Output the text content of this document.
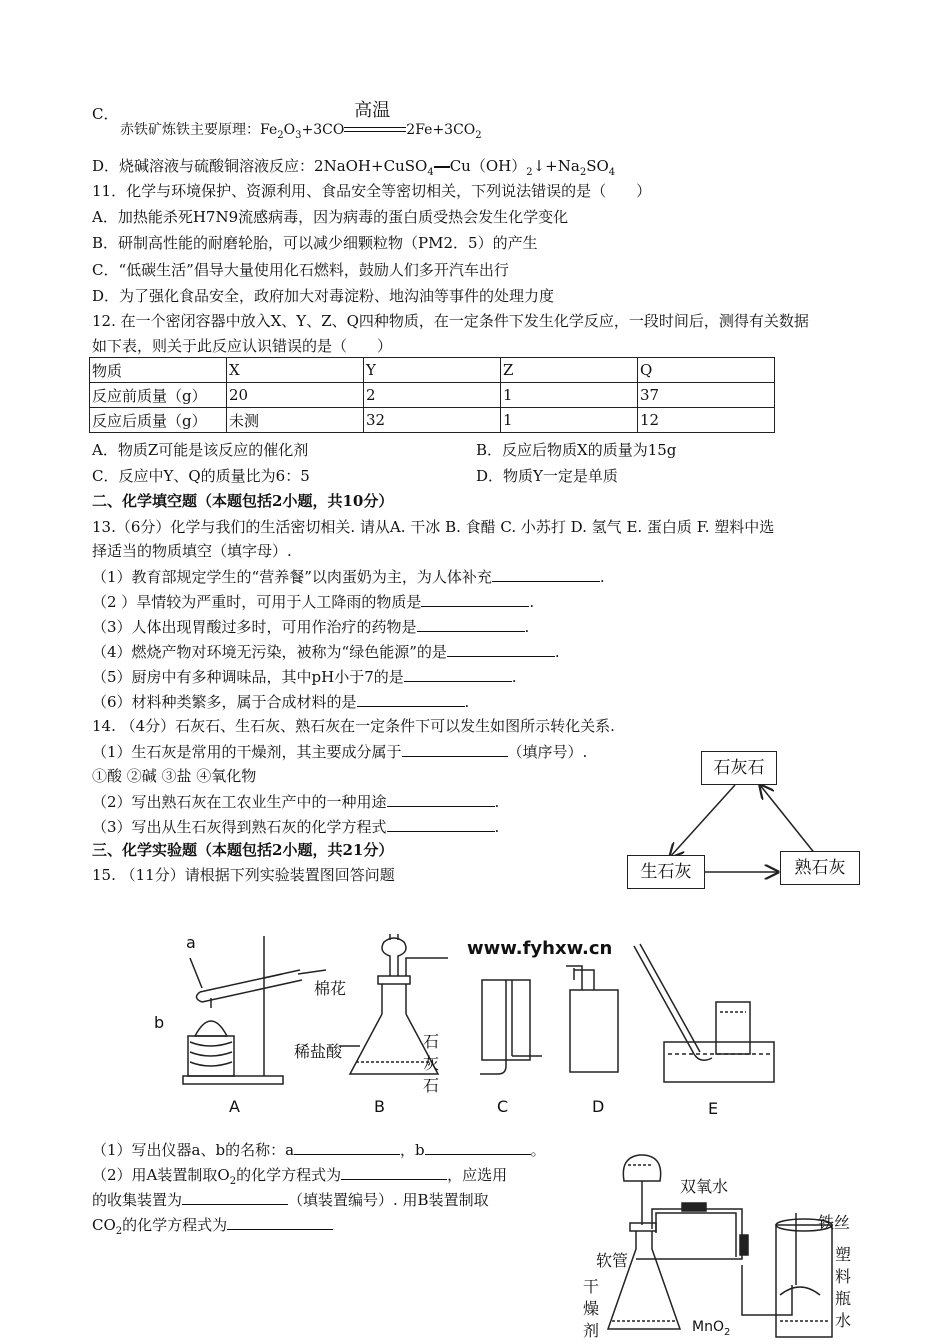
C．
赤铁矿炼铁主要原理：$Fe_2O_3+3CO$
高温
$2Fe+3CO_2$
D．烧碱溶液与硫酸铜溶液反应：2NaOH+CuSO$_4$ $Cu(OH)_2↓+Na_2SO_4$
11．化学与环境保护、资源利用、食品安全等密切相关，下列说法错误的是（　　）
A．加热能杀死H7N9流感病毒，因为病毒的蛋白质受热会发生化学变化
B．研制高性能的耐磨轮胎，可以减少细颗粒物（PM2．5）的产生
C．“低碳生活”倡导大量使用化石燃料，鼓励人们多开汽车出行
D．为了强化食品安全，政府加大对毒淀粉、地沟油等事件的处理力度
12. 在一个密闭容器中放入X、Y、Z、Q四种物质，在一定条件下发生化学反应，一段时间后，测得有关数据
如下表，则关于此反应认识错误的是（　　）
物质	X	Y	Z	Q
反应前质量（g）	20	2	1	37
反应后质量（g）	未测	32	1	12
A．物质Z可能是该反应的催化剂	B．反应后物质X的质量为15g
C．反应中Y、Q的质量比为6：5	D．物质Y一定是单质
二、化学填空题（本题包括2小题，共10分）
13.（6分）化学与我们的生活密切相关. 请从A. 干冰 B. 食醋 C. 小苏打 D. 氢气 E. 蛋白质 F. 塑料中选
择适当的物质填空（填字母）.
（1）教育部规定学生的“营养餐”以肉蛋奶为主，为人体补充	.
（2 ）旱情较为严重时，可用于人工降雨的物质是	.
（3）人体出现胃酸过多时，可用作治疗的药物是	.
（4）燃烧产物对环境无污染，被称为“绿色能源”的是	.
（5）厨房中有多种调味品，其中pH小于7的是	.
（6）材料种类繁多，属于合成材料的是	.
14. （4分）石灰石、生石灰、熟石灰在一定条件下可以发生如图所示转化关系.
（1）生石灰是常用的干燥剂，其主要成分属于	（填序号）.
①酸 ②碱 ③盐 ④氧化物
（2）写出熟石灰在工农业生产中的一种用途	.
（3）写出从生石灰得到熟石灰的化学方程式	.
石灰石
生石灰	熟石灰
三、化学实验题（本题包括2小题，共21分）
15. （11分）请根据下列实验装置图回答问题
www.fyhxw.cn
a
b
棉花
稀盐酸
石灰石
A	B	C	D	E
（1）写出仪器a、b的名称：a	，b	。
（2）用A装置制取$O_2$的化学方程式为	，应选用
的收集装置为	（填装置编号）. 用B装置制取
$CO_2$的化学方程式为
双氧水
铁丝
软管
干燥剂	MnO$_2$
塑料瓶
水
